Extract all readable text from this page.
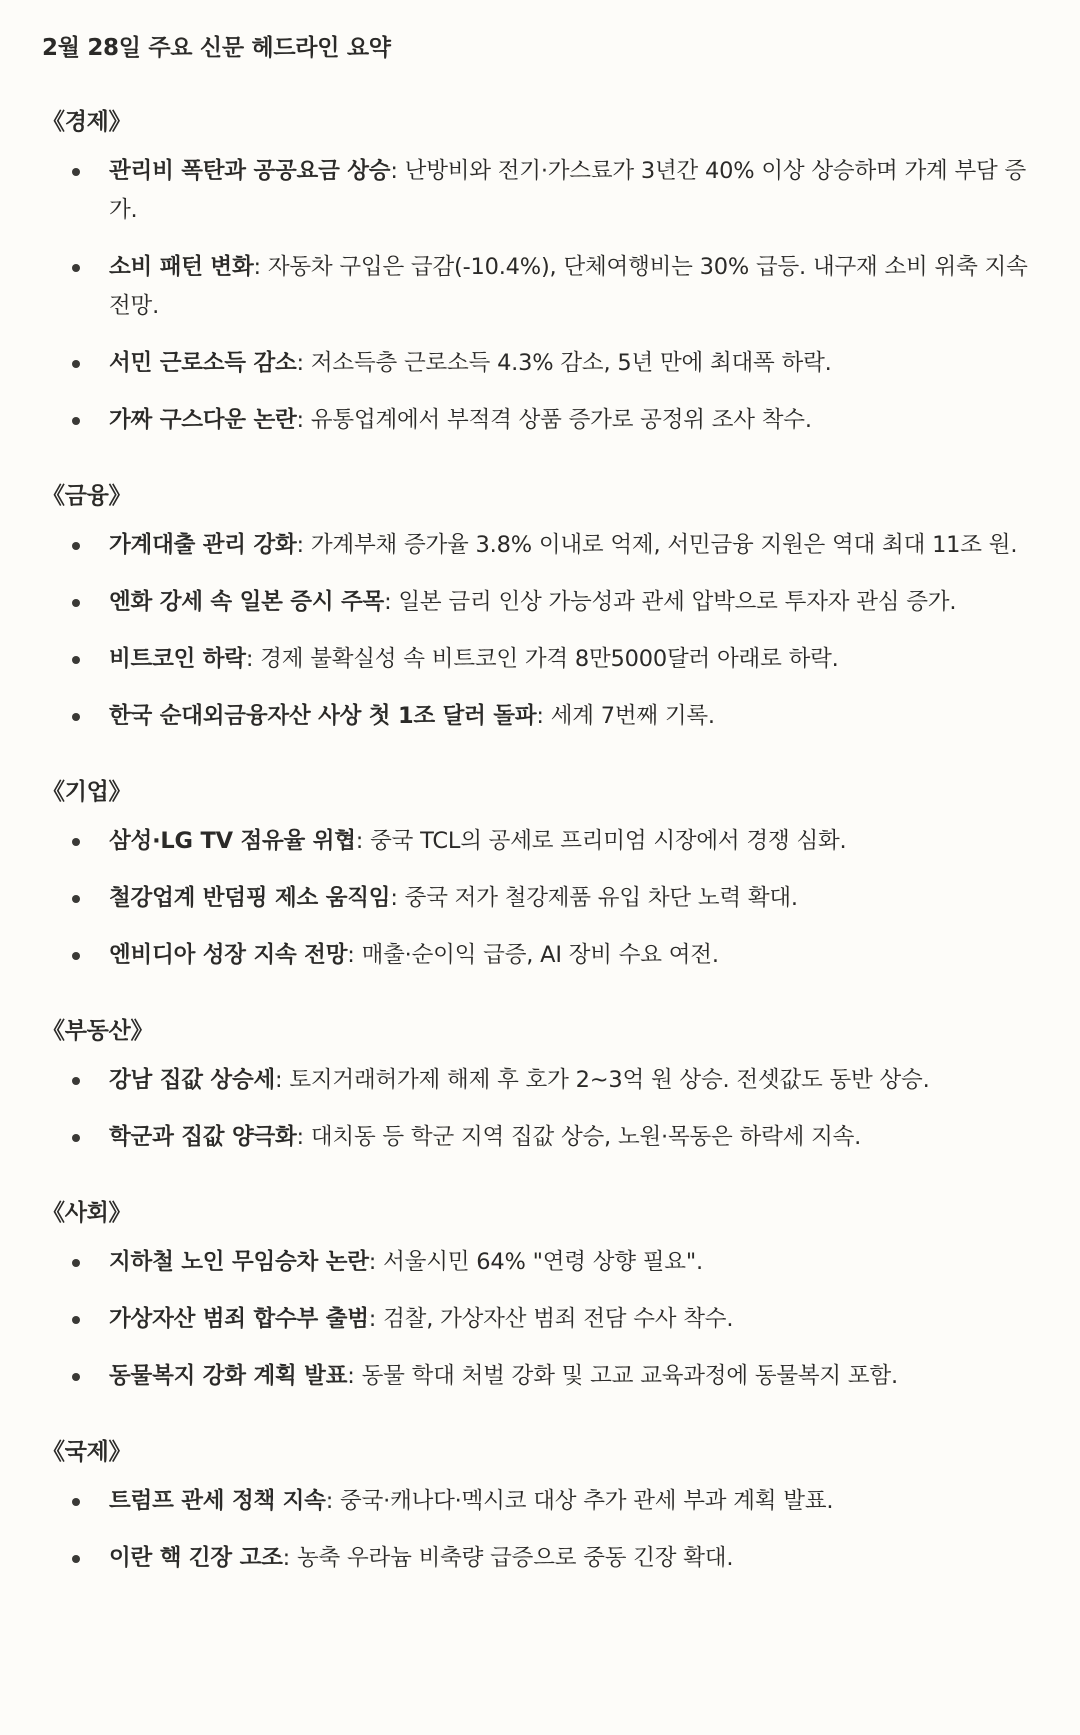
2월 28일 주요 신문 헤드라인 요약
《경제》
관리비 폭탄과 공공요금 상승: 난방비와 전기·가스료가 3년간 40% 이상 상승하며 가계 부담 증가.
소비 패턴 변화: 자동차 구입은 급감(-10.4%), 단체여행비는 30% 급등. 내구재 소비 위축 지속 전망.
서민 근로소득 감소: 저소득층 근로소득 4.3% 감소, 5년 만에 최대폭 하락.
가짜 구스다운 논란: 유통업계에서 부적격 상품 증가로 공정위 조사 착수.
《금융》
가계대출 관리 강화: 가계부채 증가율 3.8% 이내로 억제, 서민금융 지원은 역대 최대 11조 원.
엔화 강세 속 일본 증시 주목: 일본 금리 인상 가능성과 관세 압박으로 투자자 관심 증가.
비트코인 하락: 경제 불확실성 속 비트코인 가격 8만5000달러 아래로 하락.
한국 순대외금융자산 사상 첫 1조 달러 돌파: 세계 7번째 기록.
《기업》
삼성·LG TV 점유율 위협: 중국 TCL의 공세로 프리미엄 시장에서 경쟁 심화.
철강업계 반덤핑 제소 움직임: 중국 저가 철강제품 유입 차단 노력 확대.
엔비디아 성장 지속 전망: 매출·순이익 급증, AI 장비 수요 여전.
《부동산》
강남 집값 상승세: 토지거래허가제 해제 후 호가 2~3억 원 상승. 전셋값도 동반 상승.
학군과 집값 양극화: 대치동 등 학군 지역 집값 상승, 노원·목동은 하락세 지속.
《사회》
지하철 노인 무임승차 논란: 서울시민 64% "연령 상향 필요".
가상자산 범죄 합수부 출범: 검찰, 가상자산 범죄 전담 수사 착수.
동물복지 강화 계획 발표: 동물 학대 처벌 강화 및 고교 교육과정에 동물복지 포함.
《국제》
트럼프 관세 정책 지속: 중국·캐나다·멕시코 대상 추가 관세 부과 계획 발표.
이란 핵 긴장 고조: 농축 우라늄 비축량 급증으로 중동 긴장 확대.
